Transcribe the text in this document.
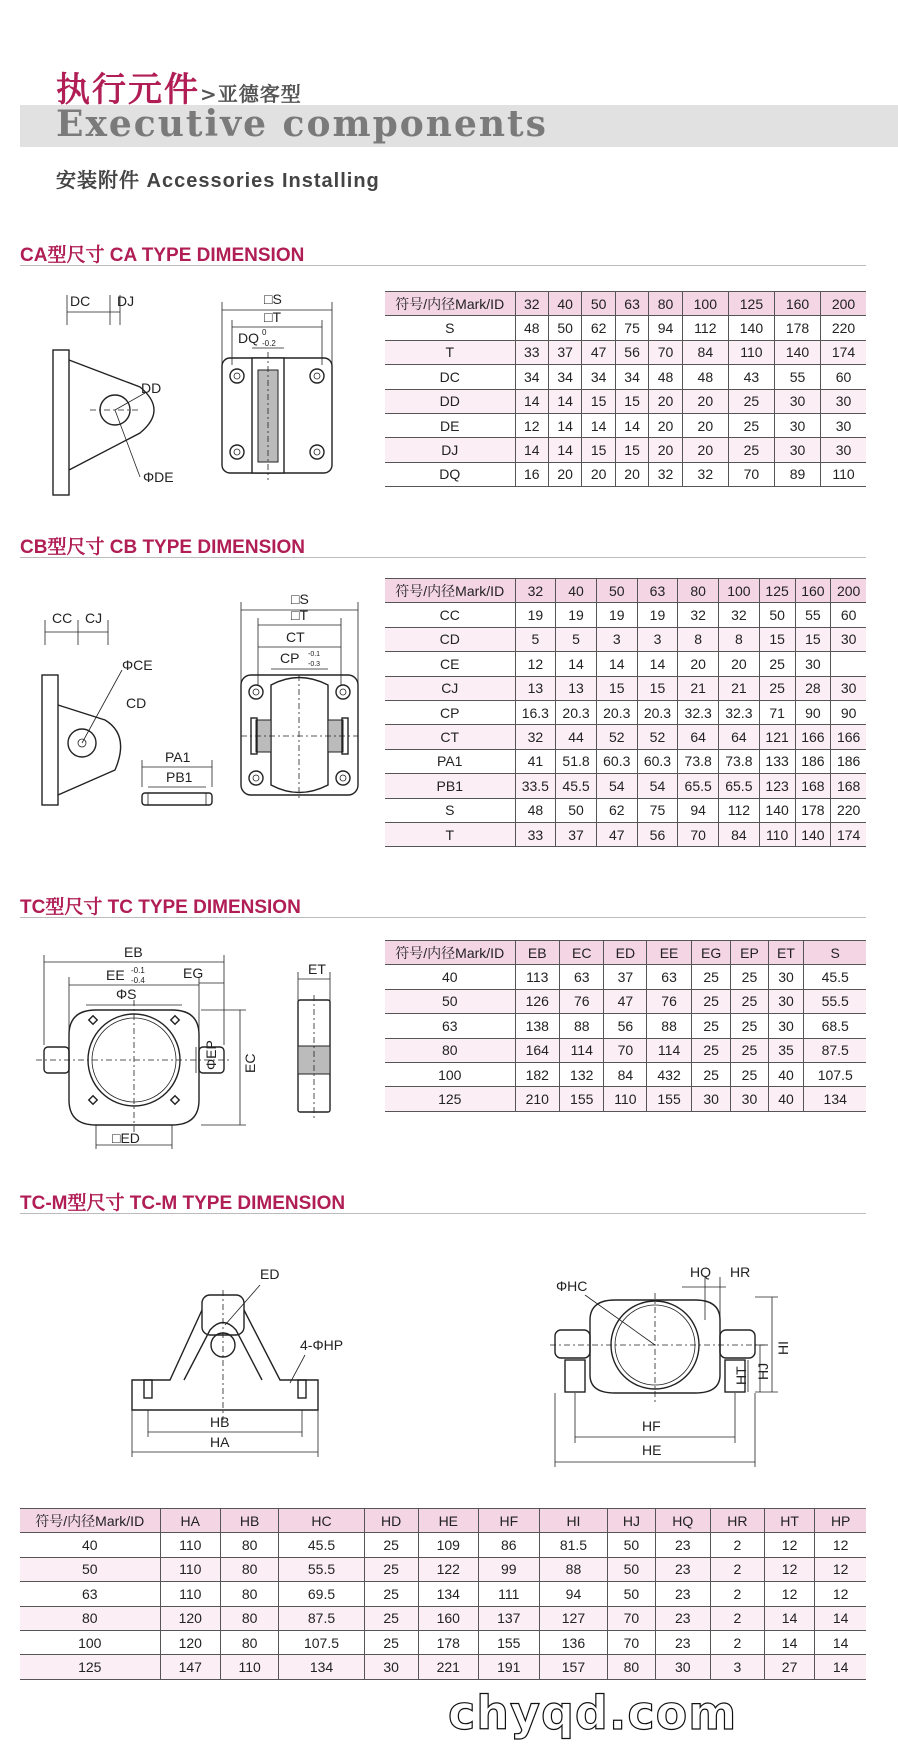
执行元件>亚德客型
Executive components
安装附件 Accessories Installing
CA型尺寸 CA TYPE DIMENSION
DC DJ
DD
ΦDE
□S
□T
DQ 0
-0.2
符号/内径Mark/ID	32	40	50	63	80	100	125	160	200
S	48	50	62	75	94	112	140	178	220
T	33	37	47	56	70	84	110	140	174
DC	34	34	34	34	48	48	43	55	60
DD	14	14	15	15	20	20	25	30	30
DE	12	14	14	14	20	20	25	30	30
DJ	14	14	15	15	20	20	25	30	30
DQ	16	20	20	20	32	32	70	89	110
CB型尺寸 CB TYPE DIMENSION
CC CJ
ΦCE
CD
PA1
PB1
□S
□T
CT
CP -0.1
-0.3
符号/内径Mark/ID	32	40	50	63	80	100	125	160	200
CC	19	19	19	19	32	32	50	55	60
CD	5	5	3	3	8	8	15	15	30
CE	12	14	14	14	20	20	25	30	
CJ	13	13	15	15	21	21	25	28	30
CP	16.3	20.3	20.3	20.3	32.3	32.3	71	90	90
CT	32	44	52	52	64	64	121	166	166
PA1	41	51.8	60.3	60.3	73.8	73.8	133	186	186
PB1	33.5	45.5	54	54	65.5	65.5	123	168	168
S	48	50	62	75	94	112	140	178	220
T	33	37	47	56	70	84	110	140	174
TC型尺寸 TC TYPE DIMENSION
EB
EE -0.1
-0.4	EG
ΦS
ΦEP EC
□ED
ET
符号/内径Mark/ID	EB	EC	ED	EE	EG	EP	ET	S
40	113	63	37	63	25	25	30	45.5
50	126	76	47	76	25	25	30	55.5
63	138	88	56	88	25	25	30	68.5
80	164	114	70	114	25	25	35	87.5
100	182	132	84	432	25	25	40	107.5
125	210	155	110	155	30	30	40	134
TC-M型尺寸 TC-M TYPE DIMENSION
ED
4-ΦHP
HB
HA
ΦHC
HQ HR
HI
HJ
HT
HF
HE
符号/内径Mark/ID	HA	HB	HC	HD	HE	HF	HI	HJ	HQ	HR	HT	HP
40	110	80	45.5	25	109	86	81.5	50	23	2	12	12
50	110	80	55.5	25	122	99	88	50	23	2	12	12
63	110	80	69.5	25	134	111	94	50	23	2	12	12
80	120	80	87.5	25	160	137	127	70	23	2	14	14
100	120	80	107.5	25	178	155	136	70	23	2	14	14
125	147	110	134	30	221	191	157	80	30	3	27	14
chyqd.com
